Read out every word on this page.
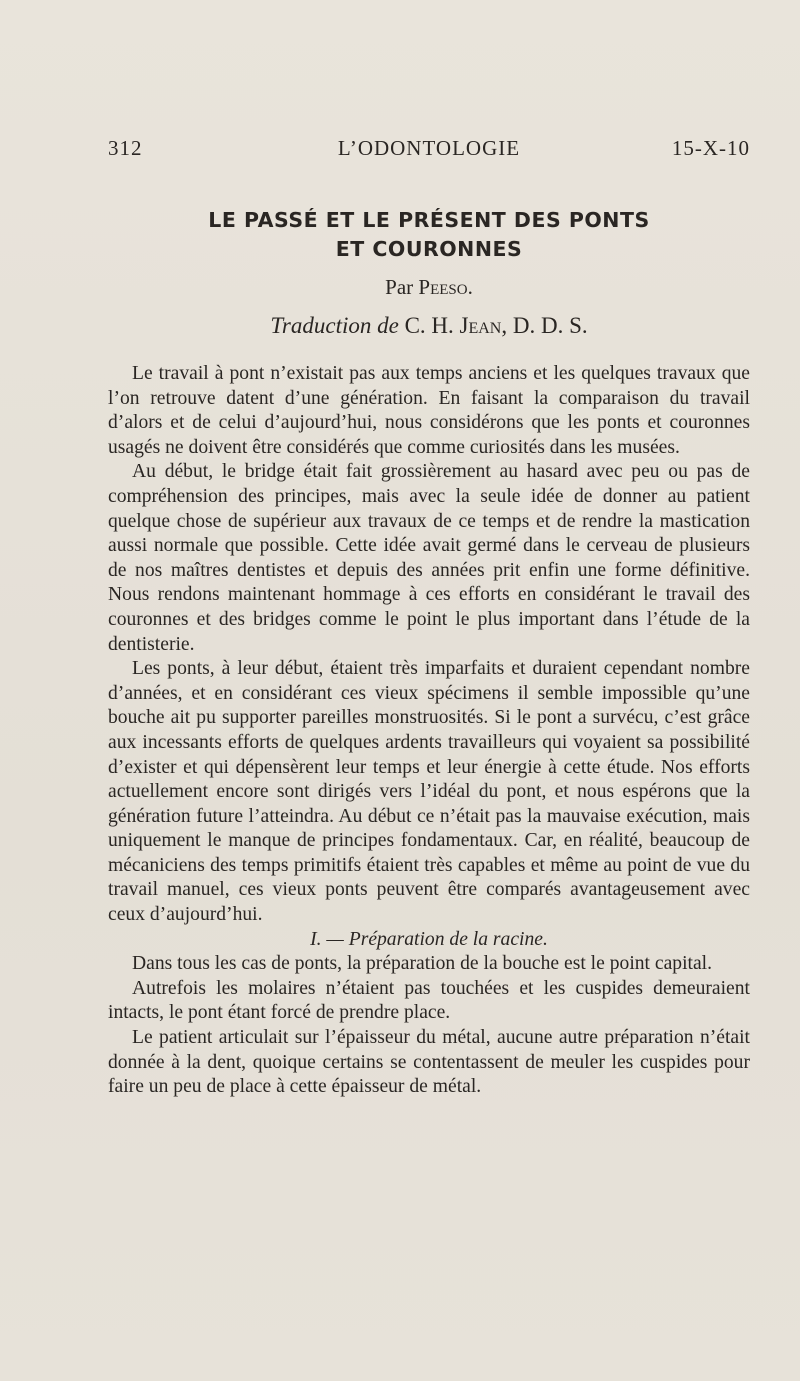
312	L’ODONTOLOGIE	15-X-10
LE PASSÉ ET LE PRÉSENT DES PONTS
ET COURONNES
Par Peeso.
Traduction de C. H. Jean, D. D. S.

Le travail à pont n’existait pas aux temps anciens et les quelques travaux que l’on retrouve datent d’une génération. En faisant la comparaison du travail d’alors et de celui d’aujourd’hui, nous considérons que les ponts et couronnes usagés ne doivent être considérés que comme curiosités dans les musées.

Au début, le bridge était fait grossièrement au hasard avec peu ou pas de compréhension des principes, mais avec la seule idée de donner au patient quelque chose de supérieur aux travaux de ce temps et de rendre la mastication aussi normale que possible. Cette idée avait germé dans le cerveau de plusieurs de nos maîtres dentistes et depuis des années prit enfin une forme définitive. Nous rendons maintenant hommage à ces efforts en considérant le travail des couronnes et des bridges comme le point le plus important dans l’étude de la dentisterie.

Les ponts, à leur début, étaient très imparfaits et duraient cependant nombre d’années, et en considérant ces vieux spécimens il semble impossible qu’une bouche ait pu supporter pareilles monstruosités. Si le pont a survécu, c’est grâce aux incessants efforts de quelques ardents travailleurs qui voyaient sa possibilité d’exister et qui dépensèrent leur temps et leur énergie à cette étude. Nos efforts actuellement encore sont dirigés vers l’idéal du pont, et nous espérons que la génération future l’atteindra. Au début ce n’était pas la mauvaise exécution, mais uniquement le manque de principes fondamentaux. Car, en réalité, beaucoup de mécaniciens des temps primitifs étaient très capables et même au point de vue du travail manuel, ces vieux ponts peuvent être comparés avantageusement avec ceux d’aujourd’hui.

I. — Préparation de la racine.

Dans tous les cas de ponts, la préparation de la bouche est le point capital.

Autrefois les molaires n’étaient pas touchées et les cuspides demeuraient intacts, le pont étant forcé de prendre place.

Le patient articulait sur l’épaisseur du métal, aucune autre préparation n’était donnée à la dent, quoique certains se contentassent de meuler les cuspides pour faire un peu de place à cette épaisseur de métal.
